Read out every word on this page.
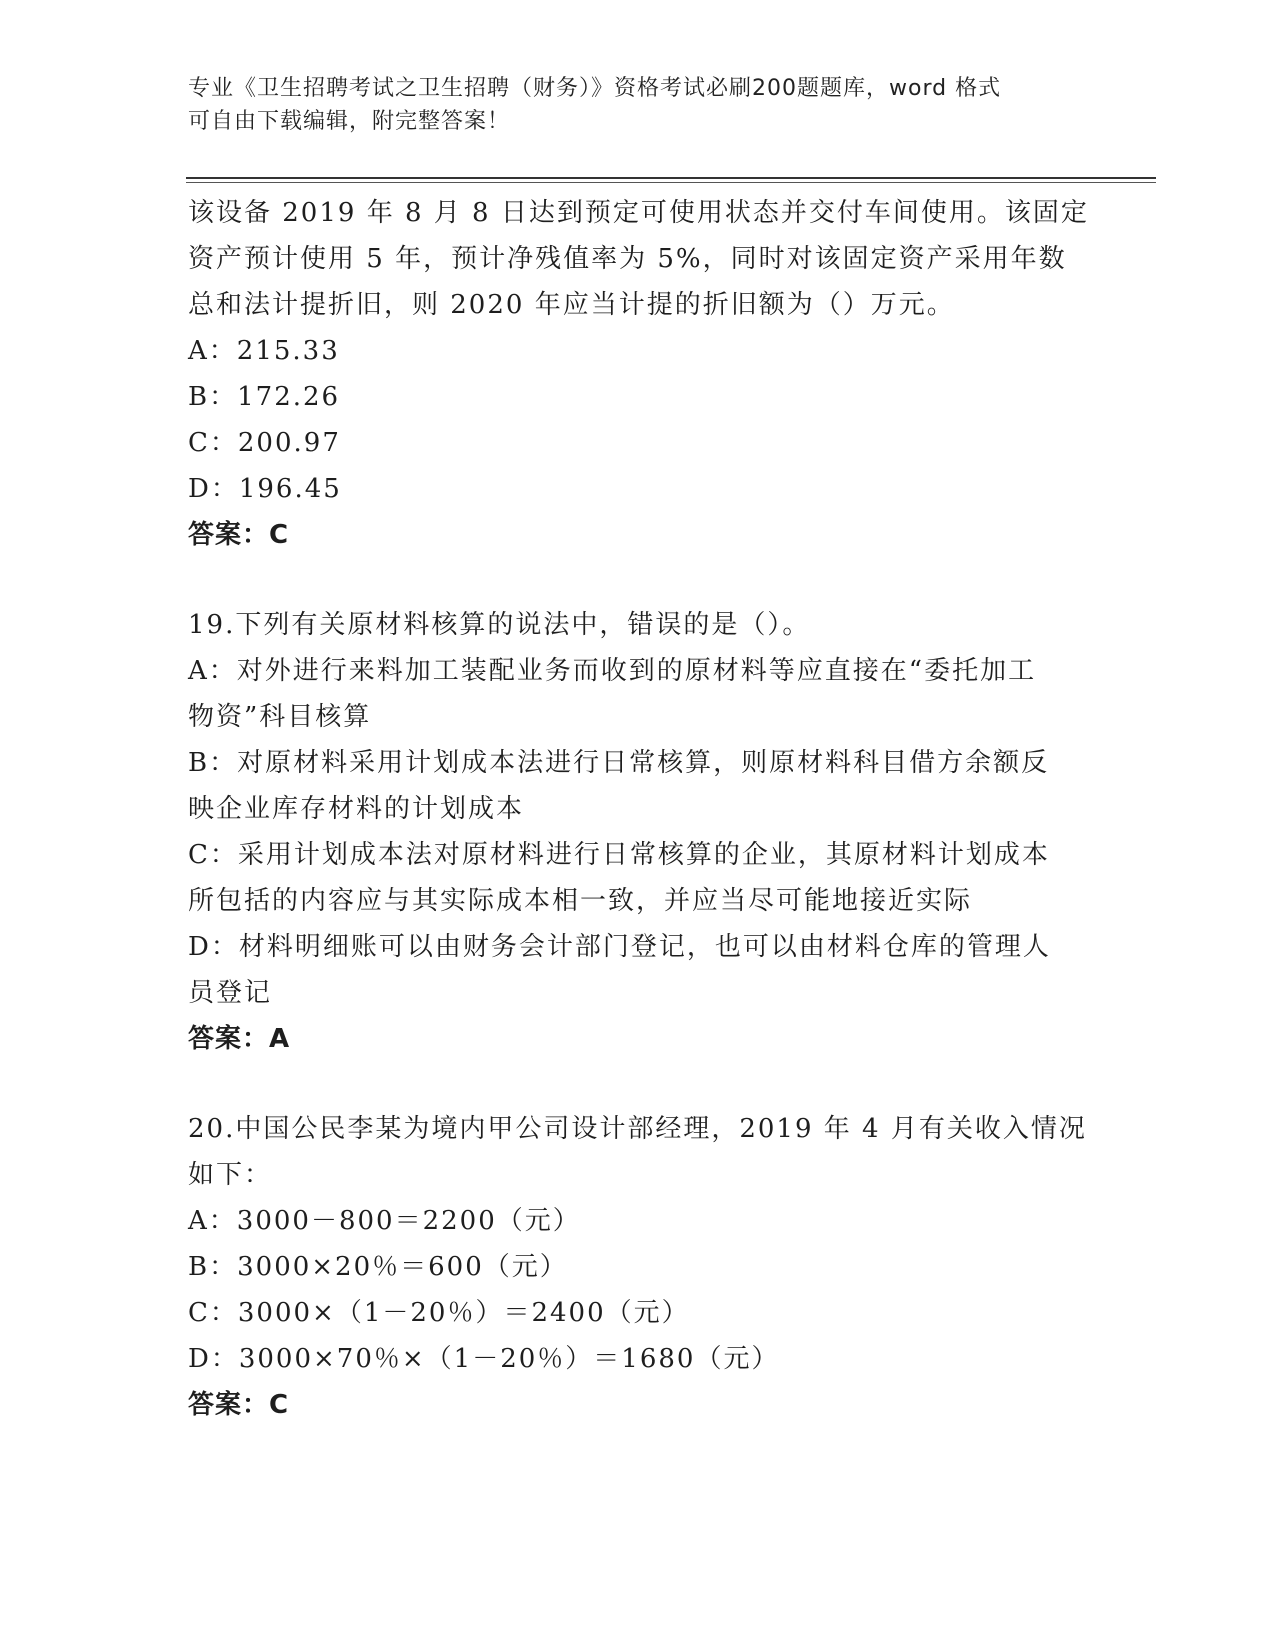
专业《卫生招聘考试之卫生招聘（财务）》资格考试必刷200题题库，word 格式
可自由下载编辑，附完整答案！
该设备 2019 年 8 月 8 日达到预定可使用状态并交付车间使用。该固定
资产预计使用 5 年，预计净残值率为 5%，同时对该固定资产采用年数
总和法计提折旧，则 2020 年应当计提的折旧额为（）万元。
A：215.33
B：172.26
C：200.97
D：196.45
答案：C
19.下列有关原材料核算的说法中，错误的是（）。
A：对外进行来料加工装配业务而收到的原材料等应直接在“委托加工
物资”科目核算
B：对原材料采用计划成本法进行日常核算，则原材料科目借方余额反
映企业库存材料的计划成本
C：采用计划成本法对原材料进行日常核算的企业，其原材料计划成本
所包括的内容应与其实际成本相一致，并应当尽可能地接近实际
D：材料明细账可以由财务会计部门登记，也可以由材料仓库的管理人
员登记
答案：A
20.中国公民李某为境内甲公司设计部经理，2019 年 4 月有关收入情况
如下：
A：3000－800＝2200（元）
B：3000×20％＝600（元）
C：3000×（1－20％）＝2400（元）
D：3000×70％×（1－20％）＝1680（元）
答案：C
